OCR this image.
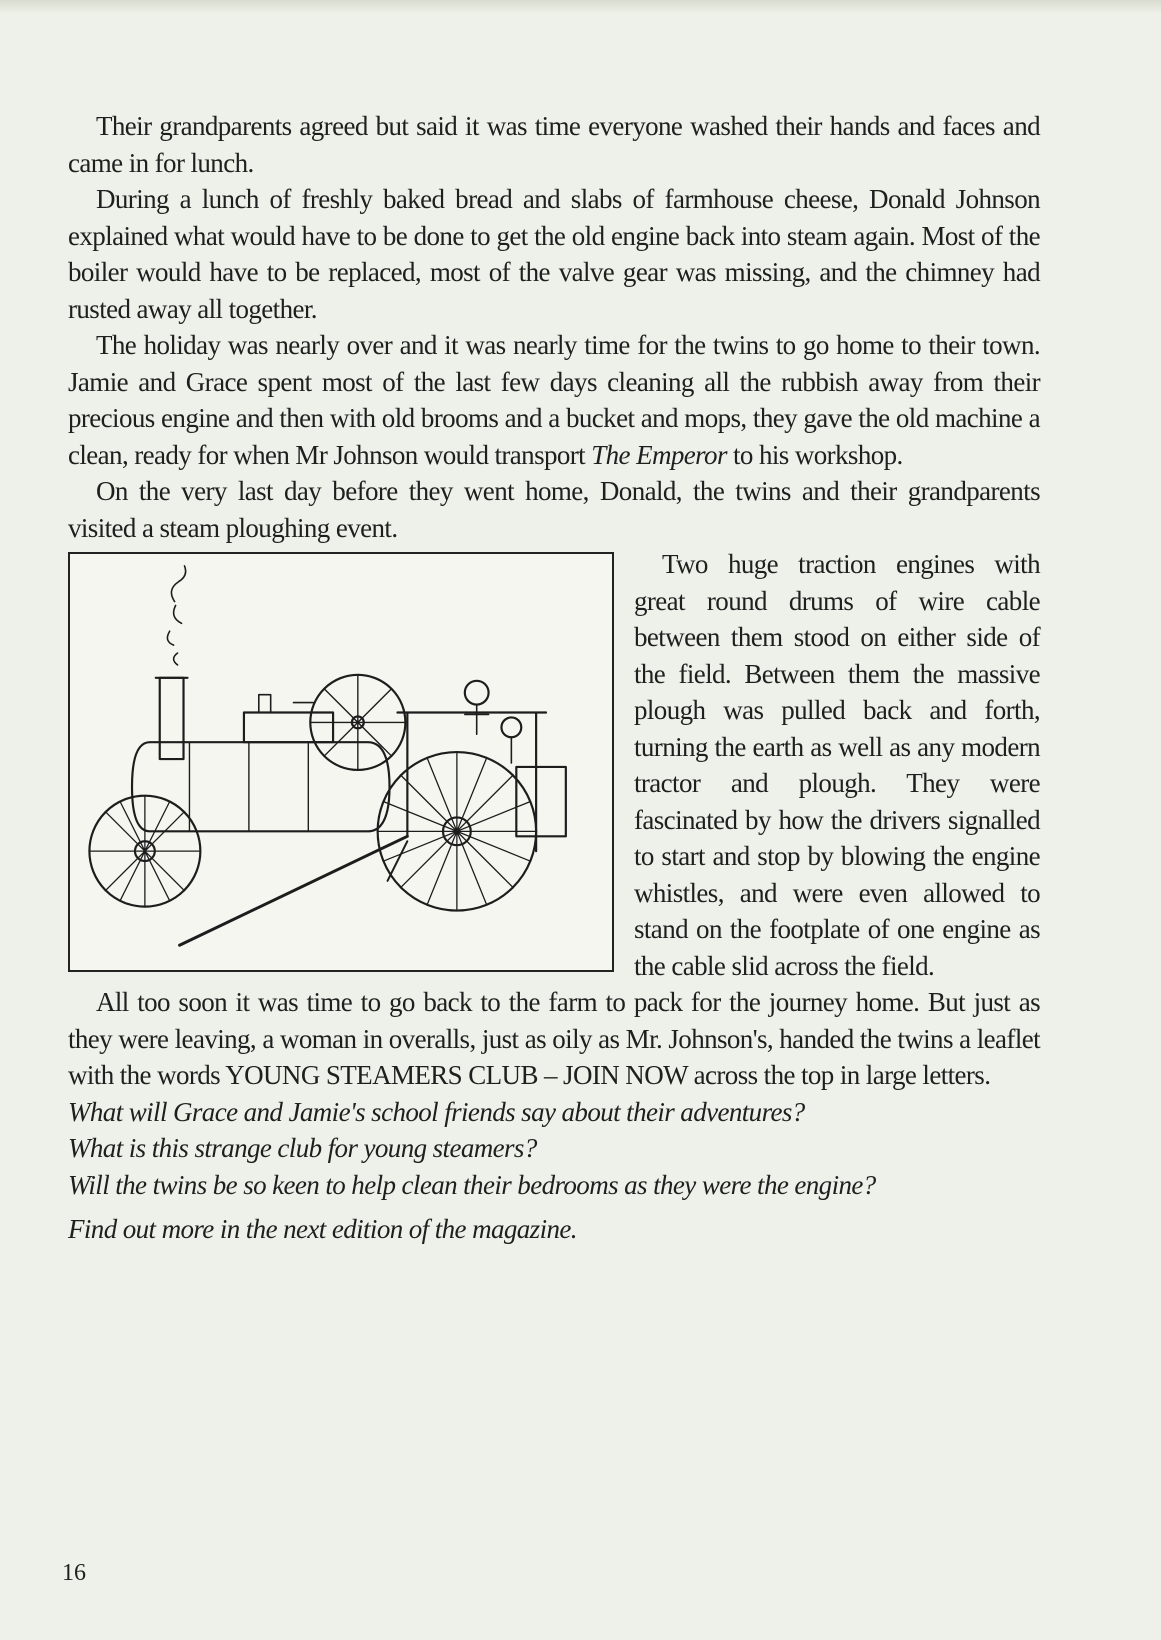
Their grandparents agreed but said it was time everyone washed their hands and faces and came in for lunch.

During a lunch of freshly baked bread and slabs of farmhouse cheese, Donald Johnson explained what would have to be done to get the old engine back into steam again. Most of the boiler would have to be replaced, most of the valve gear was missing, and the chimney had rusted away all together.

The holiday was nearly over and it was nearly time for the twins to go home to their town. Jamie and Grace spent most of the last few days cleaning all the rubbish away from their precious engine and then with old brooms and a bucket and mops, they gave the old machine a clean, ready for when Mr Johnson would transport The Emperor to his workshop.

On the very last day before they went home, Donald, the twins and their grandparents visited a steam ploughing event.

Two huge traction engines with great round drums of wire cable between them stood on either side of the field. Between them the massive plough was pulled back and forth, turning the earth as well as any modern tractor and plough. They were fascinated by how the drivers signalled to start and stop by blowing the engine whistles, and were even allowed to stand on the footplate of one engine as the cable slid across the field.

All too soon it was time to go back to the farm to pack for the journey home. But just as they were leaving, a woman in overalls, just as oily as Mr. Johnson's, handed the twins a leaflet with the words YOUNG STEAMERS CLUB – JOIN NOW across the top in large letters.

What will Grace and Jamie's school friends say about their adventures?

What is this strange club for young steamers?

Will the twins be so keen to help clean their bedrooms as they were the engine?

Find out more in the next edition of the magazine.

16
